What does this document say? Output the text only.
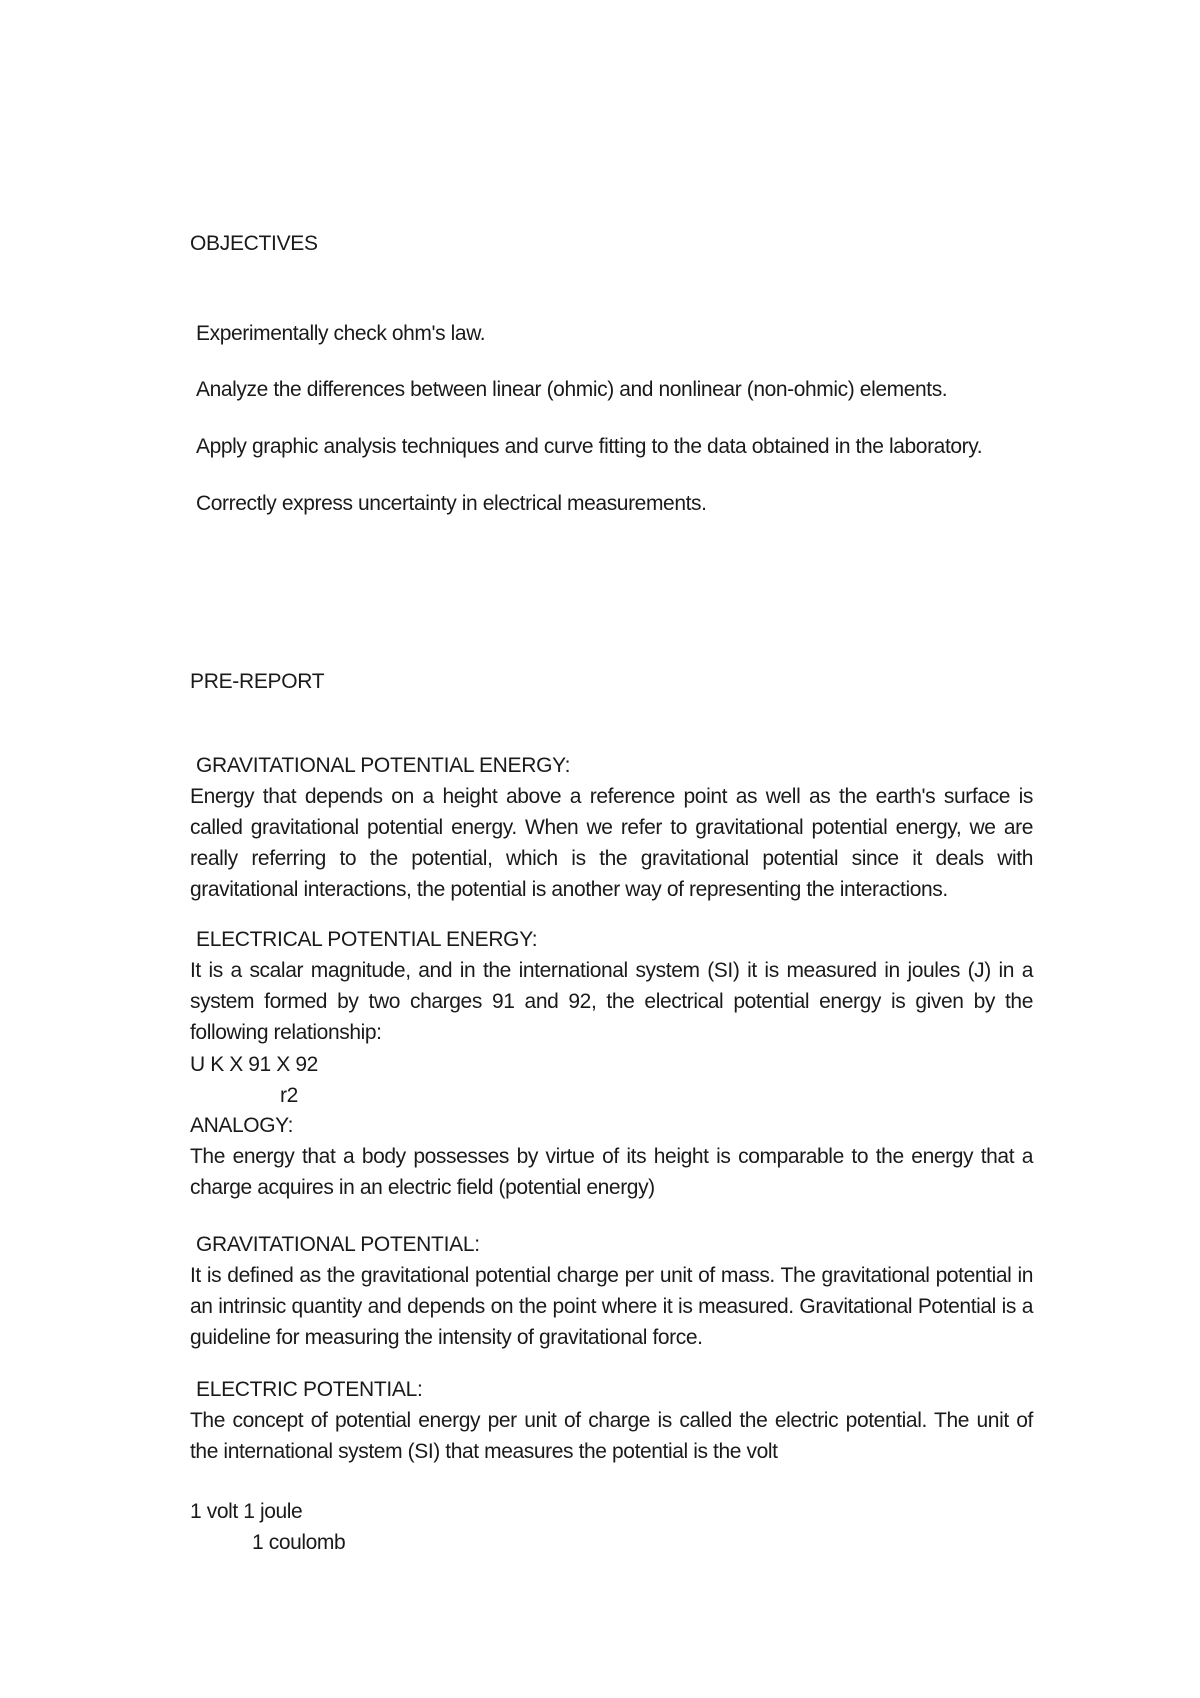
OBJECTIVES
Experimentally check ohm's law.
Analyze the differences between linear (ohmic) and nonlinear (non-ohmic) elements.
Apply graphic analysis techniques and curve fitting to the data obtained in the laboratory.
Correctly express uncertainty in electrical measurements.
PRE-REPORT
GRAVITATIONAL POTENTIAL ENERGY:

Energy that depends on a height above a reference point as well as the earth's surface is called gravitational potential energy. When we refer to gravitational potential energy, we are really referring to the potential, which is the gravitational potential since it deals with gravitational interactions, the potential is another way of representing the interactions.

ELECTRICAL POTENTIAL ENERGY:

It is a scalar magnitude, and in the international system (SI) it is measured in joules (J) in a system formed by two charges 91 and 92, the electrical potential energy is given by the following relationship:

U K X 91 X 92
r2
ANALOGY:

The energy that a body possesses by virtue of its height is comparable to the energy that a charge acquires in an electric field (potential energy)

GRAVITATIONAL POTENTIAL:

It is defined as the gravitational potential charge per unit of mass. The gravitational potential in an intrinsic quantity and depends on the point where it is measured. Gravitational Potential is a guideline for measuring the intensity of gravitational force.

ELECTRIC POTENTIAL:

The concept of potential energy per unit of charge is called the electric potential. The unit of the international system (SI) that measures the potential is the volt

1 volt 1 joule
1 coulomb
